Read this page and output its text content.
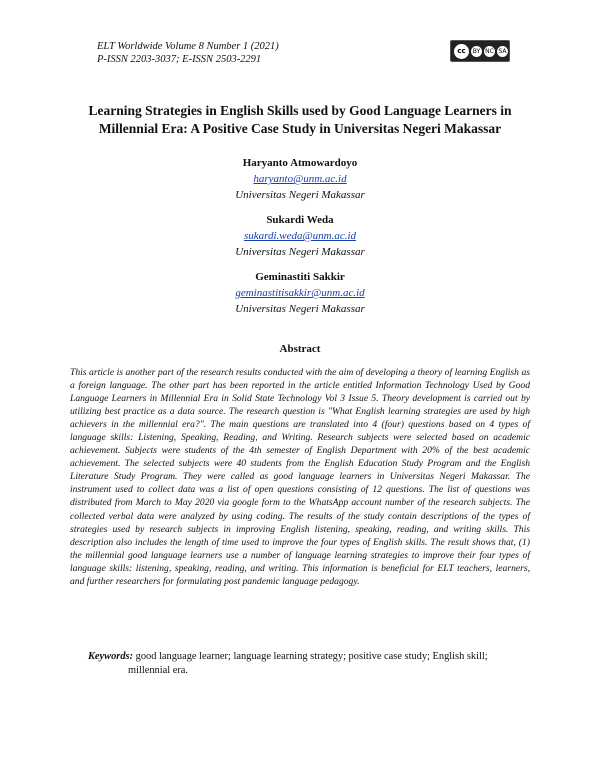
ELT Worldwide Volume 8 Number 1 (2021)
P-ISSN 2203-3037; E-ISSN 2503-2291
cc	BY NC SA
Learning Strategies in English Skills used by Good Language Learners in Millennial Era: A Positive Case Study in Universitas Negeri Makassar
Haryanto Atmowardoyo
haryanto@unm.ac.id
Universitas Negeri Makassar
Sukardi Weda
sukardi.weda@unm.ac.id
Universitas Negeri Makassar
Geminastiti Sakkir
geminastitisakkir@unm.ac.id
Universitas Negeri Makassar
Abstract
This article is another part of the research results conducted with the aim of developing a theory of learning English as a foreign language. The other part has been reported in the article entitled Information Technology Used by Good Language Learners in Millennial Era in Solid State Technology Vol 3 Issue 5. Theory development is carried out by utilizing best practice as a data source. The research question is "What English learning strategies are used by high achievers in the millennial era?". The main questions are translated into 4 (four) questions based on 4 types of language skills: Listening, Speaking, Reading, and Writing. Research subjects were selected based on academic achievement. Subjects were students of the 4th semester of English Department with 20% of the best academic achievement. The selected subjects were 40 students from the English Education Study Program and the English Literature Study Program. They were called as good language learners in Universitas Negeri Makassar. The instrument used to collect data was a list of open questions consisting of 12 questions. The list of questions was distributed from March to May 2020 via google form to the WhatsApp account number of the research subjects. The collected verbal data were analyzed by using coding. The results of the study contain descriptions of the types of strategies used by research subjects in improving English listening, speaking, reading, and writing skills. This description also includes the length of time used to improve the four types of English skills. The result shows that, (1) the millennial good language learners use a number of language learning strategies to improve their four types of language skills: listening, speaking, reading, and writing. This information is beneficial for ELT teachers, learners, and further researchers for formulating post pandemic language pedagogy.
Keywords: good language learner; language learning strategy; positive case study; English skill;
millennial era.
